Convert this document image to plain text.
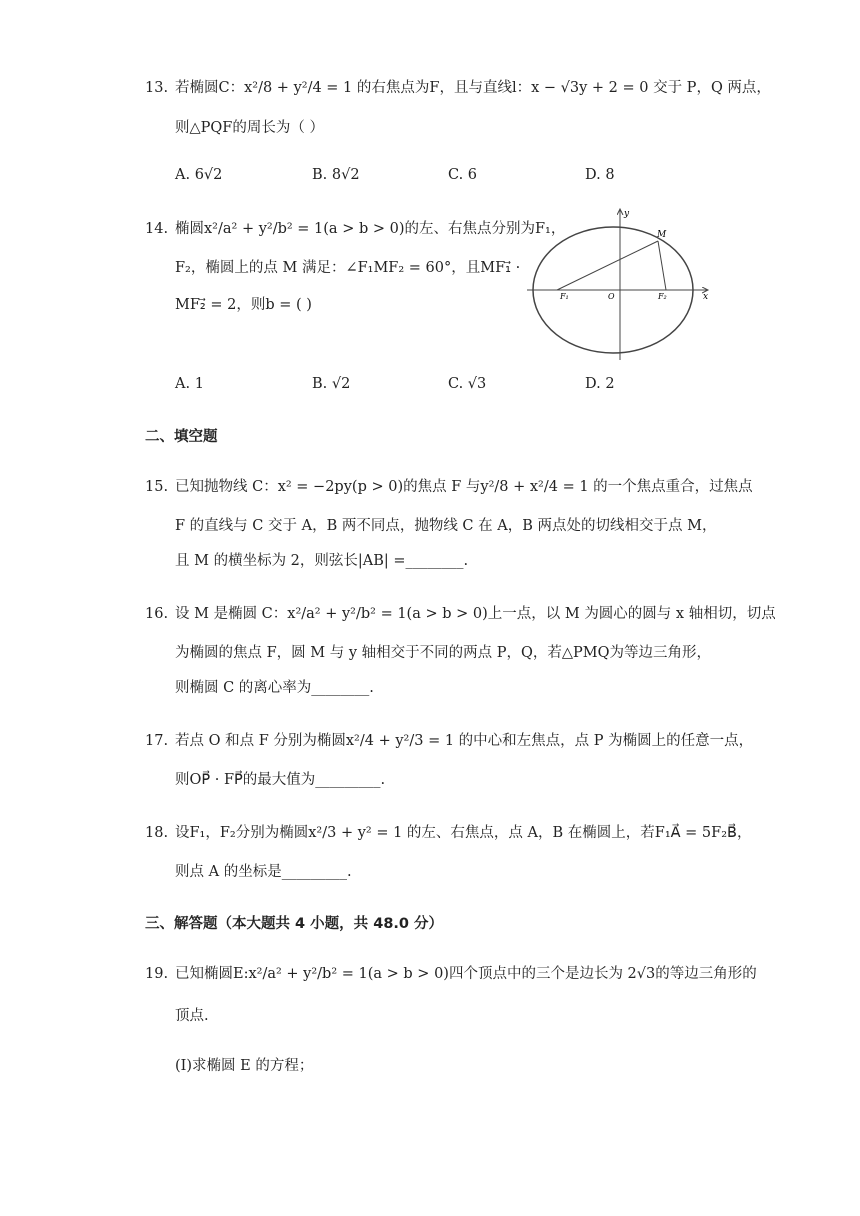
13. 若椭圆C：x²/8 + y²/4 = 1 的右焦点为F，且与直线l：x − √3y + 2 = 0 交于 P，Q 两点，
则△PQF的周长为（ ）
A. 6√2	B. 8√2	C. 6	D. 8
14. 椭圆x²/a² + y²/b² = 1(a > b > 0)的左、右焦点分别为F₁，
F₂，椭圆上的点 M 满足：∠F₁MF₂ = 60°，且MF₁⃗ ·
MF₂⃗ = 2，则b = ( )
y
x
M
F₁	O	F₂
A. 1	B. √2	C. √3	D. 2
二、填空题
15. 已知抛物线 C：x² = −2py(p > 0)的焦点 F 与y²/8 + x²/4 = 1 的一个焦点重合，过焦点
F 的直线与 C 交于 A，B 两不同点，抛物线 C 在 A，B 两点处的切线相交于点 M，
且 M 的横坐标为 2，则弦长|AB| =________.
16. 设 M 是椭圆 C：x²/a² + y²/b² = 1(a > b > 0)上一点，以 M 为圆心的圆与 x 轴相切，切点
为椭圆的焦点 F，圆 M 与 y 轴相交于不同的两点 P，Q，若△PMQ为等边三角形，
则椭圆 C 的离心率为________.
17. 若点 O 和点 F 分别为椭圆x²/4 + y²/3 = 1 的中心和左焦点，点 P 为椭圆上的任意一点，
则OP⃗ · FP⃗的最大值为_________.
18. 设F₁，F₂分别为椭圆x²/3 + y² = 1 的左、右焦点，点 A，B 在椭圆上，若F₁A⃗ = 5F₂B⃗，
则点 A 的坐标是_________.
三、解答题（本大题共 4 小题，共 48.0 分）
19. 已知椭圆E:x²/a² + y²/b² = 1(a > b > 0)四个顶点中的三个是边长为 2√3的等边三角形的
顶点.
(Ⅰ)求椭圆 E 的方程；
